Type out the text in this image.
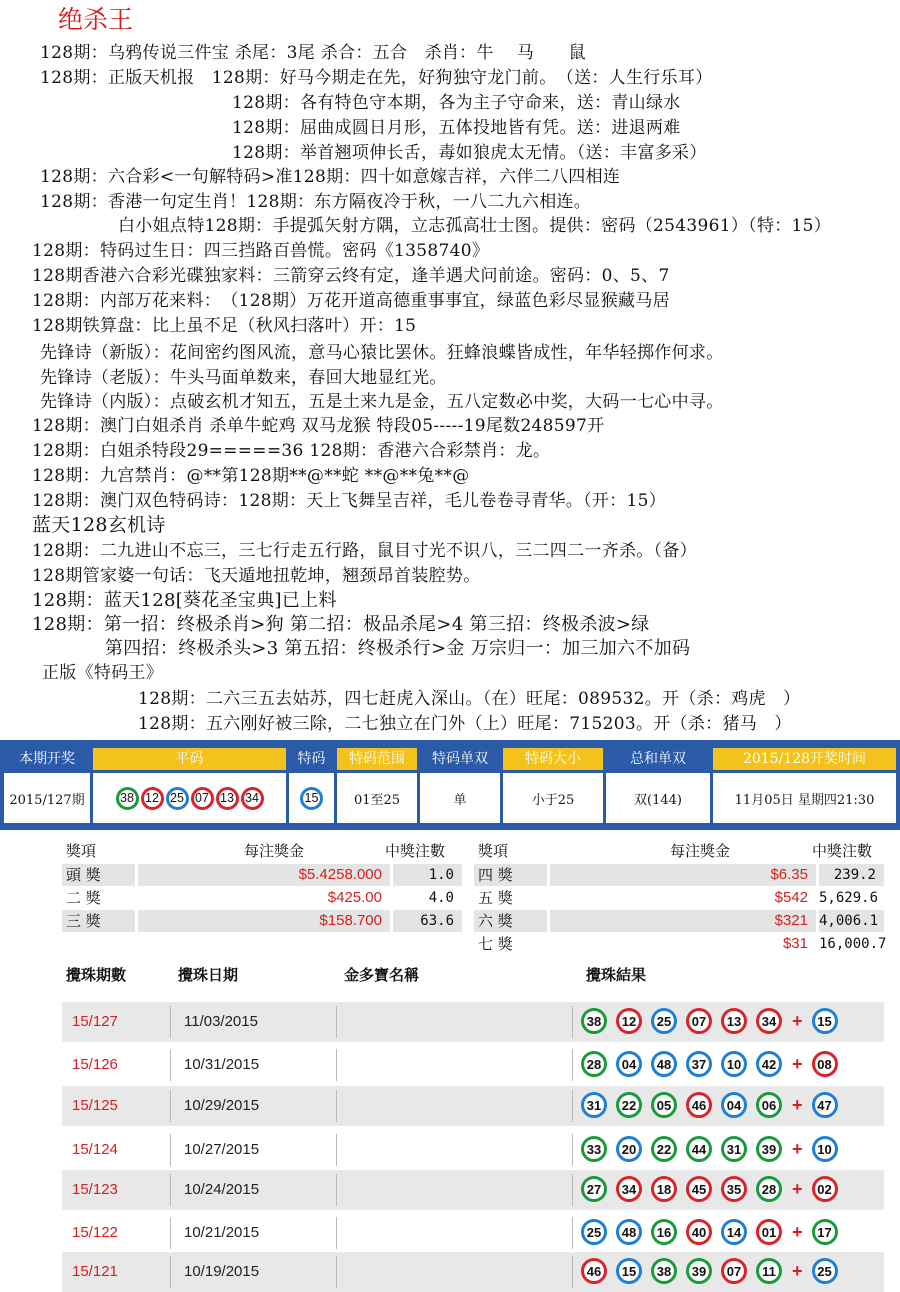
绝杀王
128期：乌鸦传说三件宝 杀尾：3尾 杀合：五合　杀肖：牛　 马　　鼠
128期：正版天机报　128期：好马今期走在先，好狗独守龙门前。　（送：人生行乐耳）
128期：各有特色守本期，各为主子守命来，送：青山绿水
128期：屈曲成圆日月形，五体投地皆有凭。送：进退两难
128期：举首翘项伸长舌，毒如狼虎太无情。（送：丰富多采）
128期：六合彩<一句解特码>准128期：四十如意嫁吉祥，六伴二八四相连
128期：香港一句定生肖！128期：东方隔夜冷于秋，一八二九六相连。
白小姐点特128期：手提弧矢射方隅，立志孤高壮士图。提供：密码（2543961）（特：15）
128期：特码过生日：四三挡路百兽慌。密码《1358740》
128期香港六合彩光碟独家料：三箭穿云终有定，逢羊遇犬问前途。密码：0、5、7
128期：内部万花来料：　（128期）万花开道高德重事事宜，绿蓝色彩尽显猴藏马居
128期铁算盘：比上虽不足（秋风扫落叶）开：15
先锋诗（新版）：花间密约图风流，意马心猿比罢休。狂蜂浪蝶皆成性，年华轻掷作何求。
先锋诗（老版）：牛头马面单数来，春回大地显红光。
先锋诗（内版）：点破玄机才知五，五是土来九是金，五八定数必中奖，大码一七心中寻。
128期：澳门白姐杀肖 杀单牛蛇鸡 双马龙猴 特段05-----19尾数248597开
128期：白姐杀特段29=====36 128期：香港六合彩禁肖：龙。
128期：九宫禁肖：@**第128期**@**蛇 **@**兔**@
128期：澳门双色特码诗：128期：天上飞舞呈吉祥，毛儿卷卷寻青华。（开：15）
蓝天128玄机诗
128期：二九进山不忘三，三七行走五行路，鼠目寸光不识八，三二四二一齐杀。（备）
128期管家婆一句话：飞天遁地扭乾坤，翘颈昂首装腔势。
128期：蓝天128[葵花圣宝典]已上料
128期：第一招：终极杀肖>狗 第二招：极品杀尾>4 第三招：终极杀波>绿
第四招：终极杀头>3 第五招：终极杀行>金 万宗归一：加三加六不加码
正版《特码王》
128期：二六三五去姑苏，四七赶虎入深山。（在）旺尾：089532。开（杀：鸡虎　）
128期：五六刚好被三除，二七独立在门外（上）旺尾：715203。开（杀：猪马　）
本期开奖	平码	特码	特码范围	特码单双	特码大小	总和单双	2015/128开奖时间
2015/127期	38 12 25 07 13 34	15	01至25	单	小于25	双(144)	11月05日 星期四21:30
獎項	每注獎金	中獎注數 獎項	每注獎金	中獎注數
頭 獎	$5.4258.000	1.0
二 獎	$425.00	4.0
三 獎	$158.700	63.6
四 獎	$6.35	239.2
五 獎	$542 5,629.6
六 獎	$321 4,006.1
七 獎	$31 16,000.7
攪珠期數	攪珠日期	金多寶名稱	攪珠結果
15/127	11/03/2015	38	12	25	07	13	34 +	15
15/126	10/31/2015	28	04	48	37	10	42 +	08
15/125	10/29/2015	31	22	05	46	04	06 +	47
15/124	10/27/2015	33	20	22	44	31	39 +	10
15/123	10/24/2015	27	34	18	45	35	28 +	02
15/122	10/21/2015	25	48	16	40	14	01 +	17
15/121	10/19/2015	46	15	38	39	07	11 +	25
